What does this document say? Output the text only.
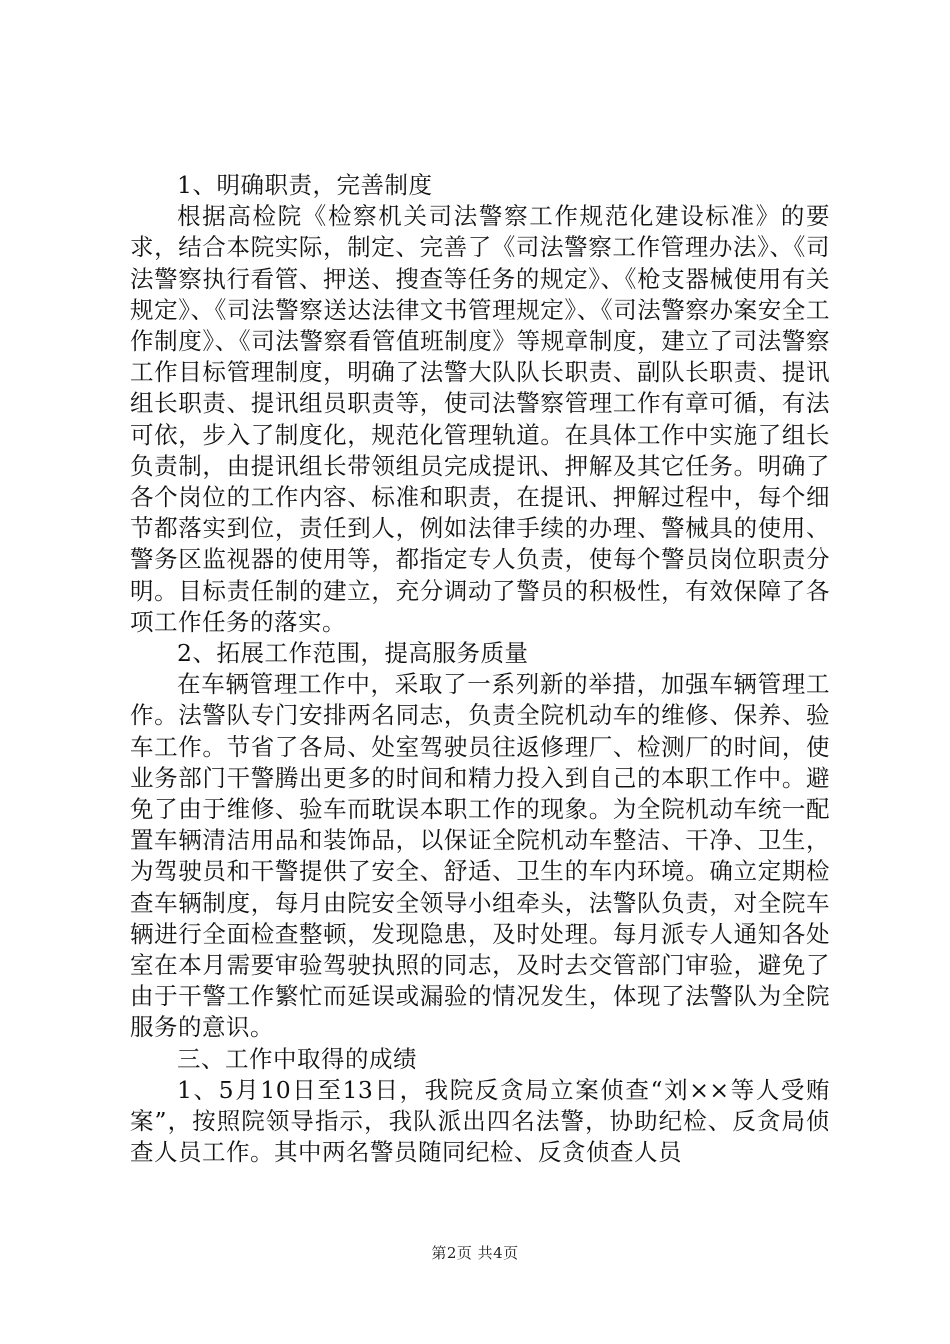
1、明确职责，完善制度

根据高检院《检察机关司法警察工作规范化建设标准》的要求，结合本院实际，制定、完善了《司法警察工作管理办法》、《司法警察执行看管、押送、搜查等任务的规定》、《枪支器械使用有关规定》、《司法警察送达法律文书管理规定》、《司法警察办案安全工作制度》、《司法警察看管值班制度》等规章制度，建立了司法警察工作目标管理制度，明确了法警大队队长职责、副队长职责、提讯组长职责、提讯组员职责等，使司法警察管理工作有章可循，有法可依，步入了制度化，规范化管理轨道。在具体工作中实施了组长负责制，由提讯组长带领组员完成提讯、押解及其它任务。明确了各个岗位的工作内容、标准和职责，在提讯、押解过程中，每个细节都落实到位，责任到人，例如法律手续的办理、警械具的使用、警务区监视器的使用等，都指定专人负责，使每个警员岗位职责分明。目标责任制的建立，充分调动了警员的积极性，有效保障了各项工作任务的落实。

2、拓展工作范围，提高服务质量

在车辆管理工作中，采取了一系列新的举措，加强车辆管理工作。法警队专门安排两名同志，负责全院机动车的维修、保养、验车工作。节省了各局、处室驾驶员往返修理厂、检测厂的时间，使业务部门干警腾出更多的时间和精力投入到自己的本职工作中。避免了由于维修、验车而耽误本职工作的现象。为全院机动车统一配置车辆清洁用品和装饰品，以保证全院机动车整洁、干净、卫生，为驾驶员和干警提供了安全、舒适、卫生的车内环境。确立定期检查车辆制度，每月由院安全领导小组牵头，法警队负责，对全院车辆进行全面检查整顿，发现隐患，及时处理。每月派专人通知各处室在本月需要审验驾驶执照的同志，及时去交管部门审验，避免了由于干警工作繁忙而延误或漏验的情况发生，体现了法警队为全院服务的意识。

三、工作中取得的成绩

1、5月10日至13日，我院反贪局立案侦查“刘××等人受贿案”，按照院领导指示，我队派出四名法警，协助纪检、反贪局侦查人员工作。其中两名警员随同纪检、反贪侦查人员

第2页 共4页
